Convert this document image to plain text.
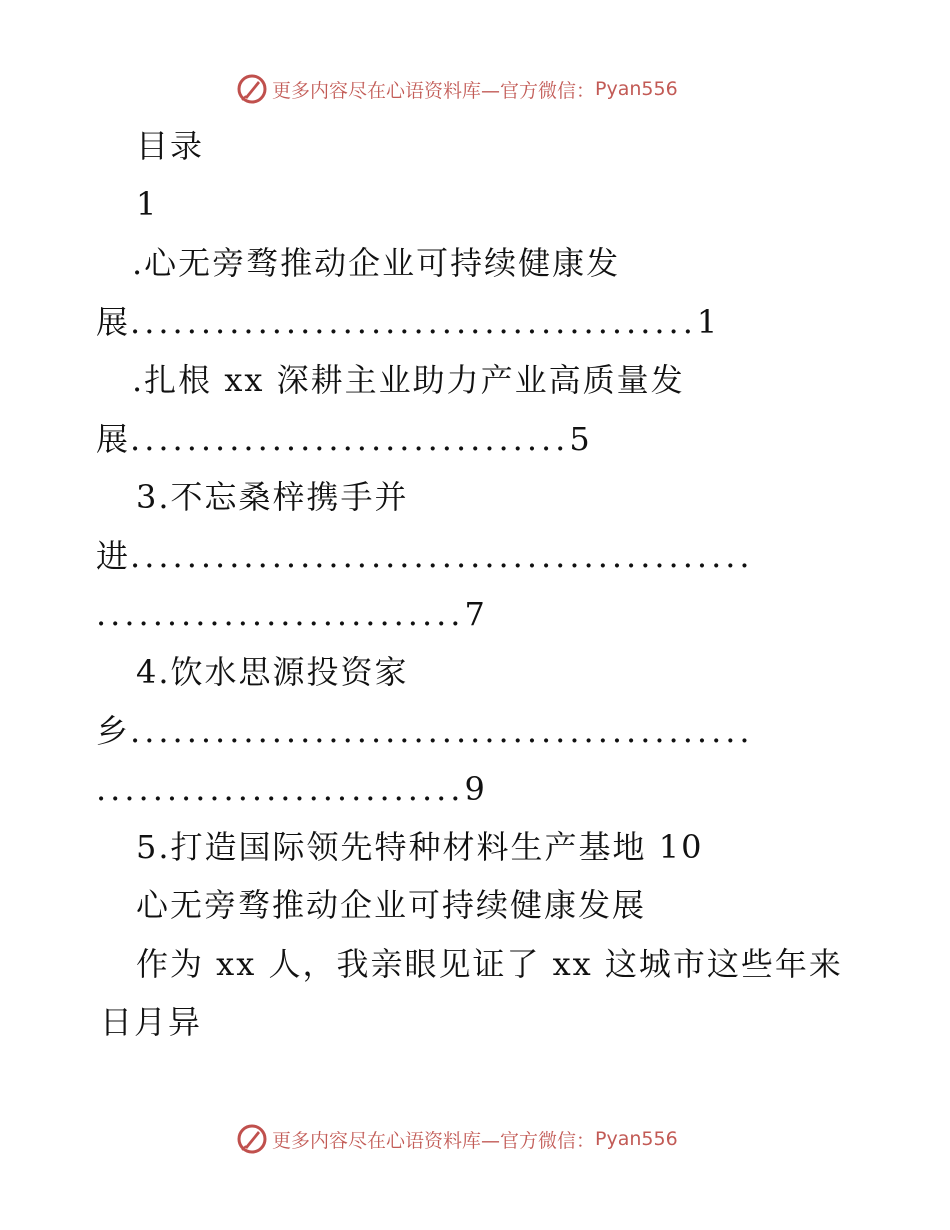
更多内容尽在心语资料库—官方微信： Pyan556
目录
1
.心无旁骛推动企业可持续健康发
展........................................1
.扎根 xx 深耕主业助力产业高质量发
展...............................5
3.不忘桑梓携手并
进............................................
..........................7
4.饮水思源投资家
乡............................................
..........................9
5.打造国际领先特种材料生产基地 10
心无旁骛推动企业可持续健康发展
作为 xx 人，我亲眼见证了 xx 这城市这些年来
日月异
更多内容尽在心语资料库—官方微信： Pyan556
